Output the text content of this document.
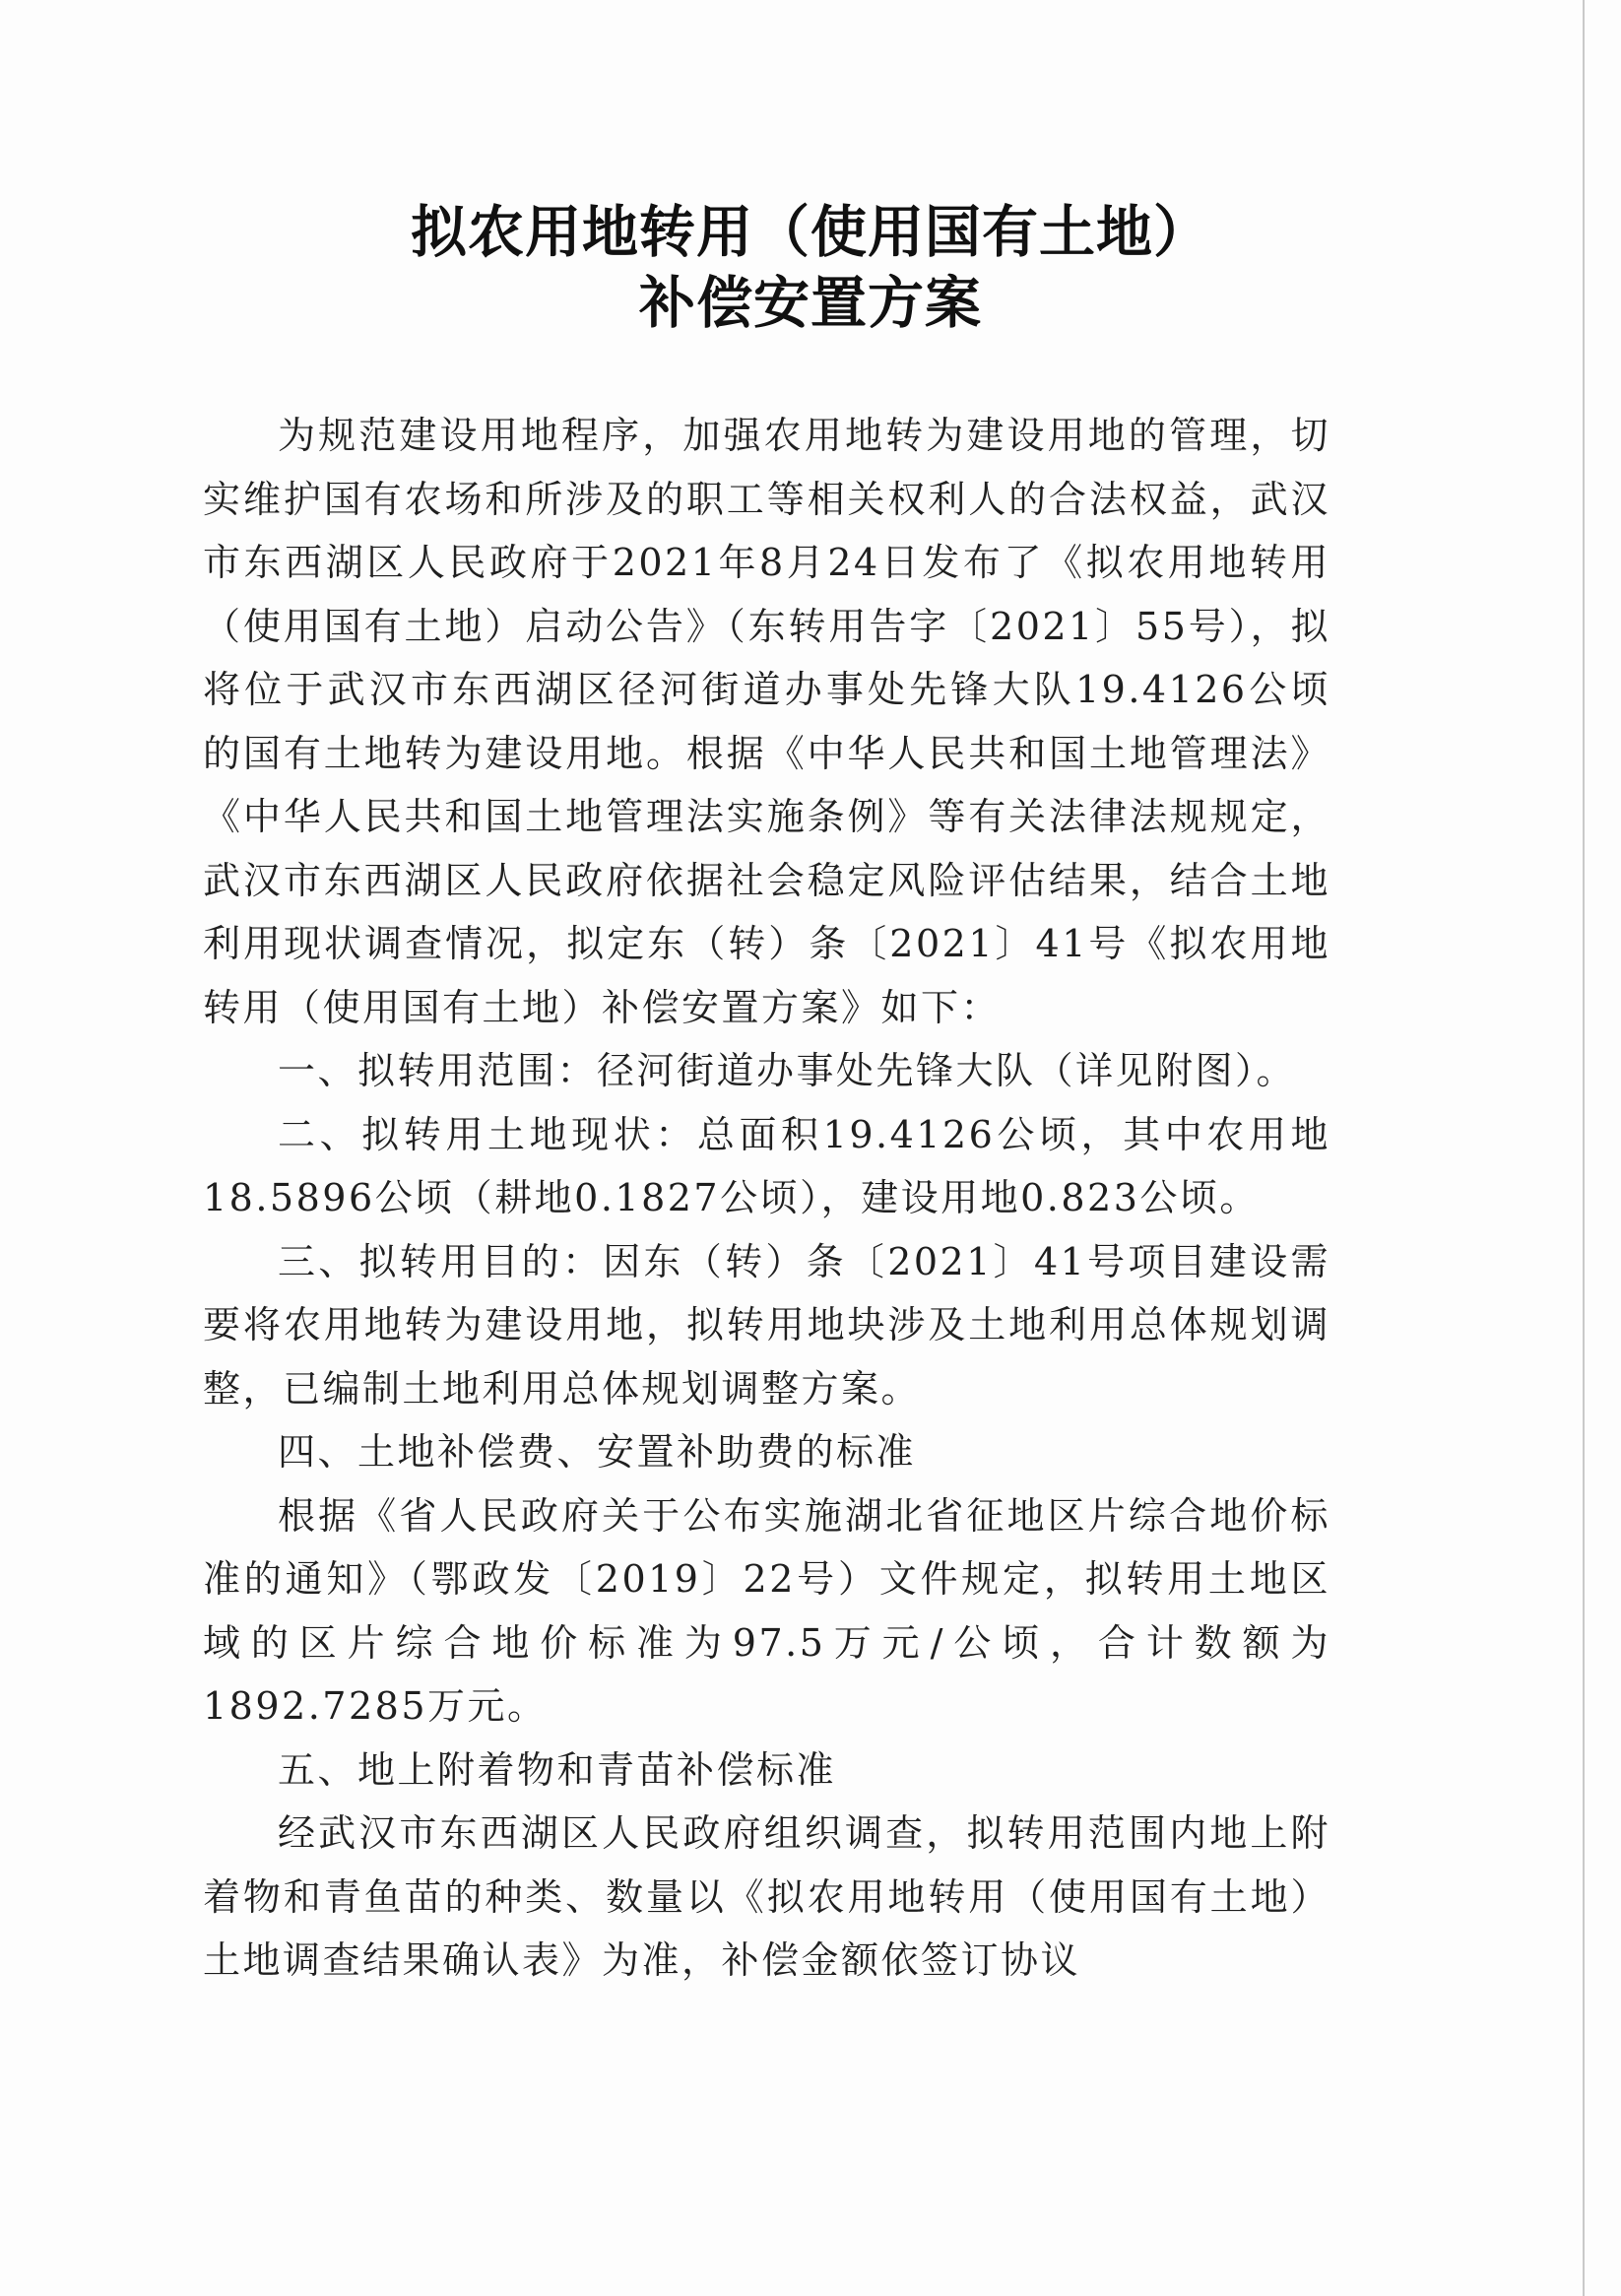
拟农用地转用（使用国有土地）
补偿安置方案

为规范建设用地程序，加强农用地转为建设用地的管理，切实维护国有农场和所涉及的职工等相关权利人的合法权益，武汉市东西湖区人民政府于2021年8月24日发布了《拟农用地转用（使用国有土地）启动公告》（东转用告字〔2021〕55号），拟将位于武汉市东西湖区径河街道办事处先锋大队19.4126公顷的国有土地转为建设用地。根据《中华人民共和国土地管理法》《中华人民共和国土地管理法实施条例》等有关法律法规规定，武汉市东西湖区人民政府依据社会稳定风险评估结果，结合土地利用现状调查情况，拟定东（转）条〔2021〕41号《拟农用地转用（使用国有土地）补偿安置方案》如下：

一、拟转用范围：径河街道办事处先锋大队（详见附图）。

二、拟转用土地现状：总面积19.4126公顷，其中农用地18.5896公顷（耕地0.1827公顷），建设用地0.823公顷。

三、拟转用目的：因东（转）条〔2021〕41号项目建设需要将农用地转为建设用地，拟转用地块涉及土地利用总体规划调整，已编制土地利用总体规划调整方案。

四、土地补偿费、安置补助费的标准

根据《省人民政府关于公布实施湖北省征地区片综合地价标准的通知》（鄂政发〔2019〕22号）文件规定，拟转用土地区域的区片综合地价标准为97.5万元/公顷，合计数额为1892.7285万元。

五、地上附着物和青苗补偿标准

经武汉市东西湖区人民政府组织调查，拟转用范围内地上附着物和青鱼苗的种类、数量以《拟农用地转用（使用国有土地）土地调查结果确认表》为准，补偿金额依签订协议
